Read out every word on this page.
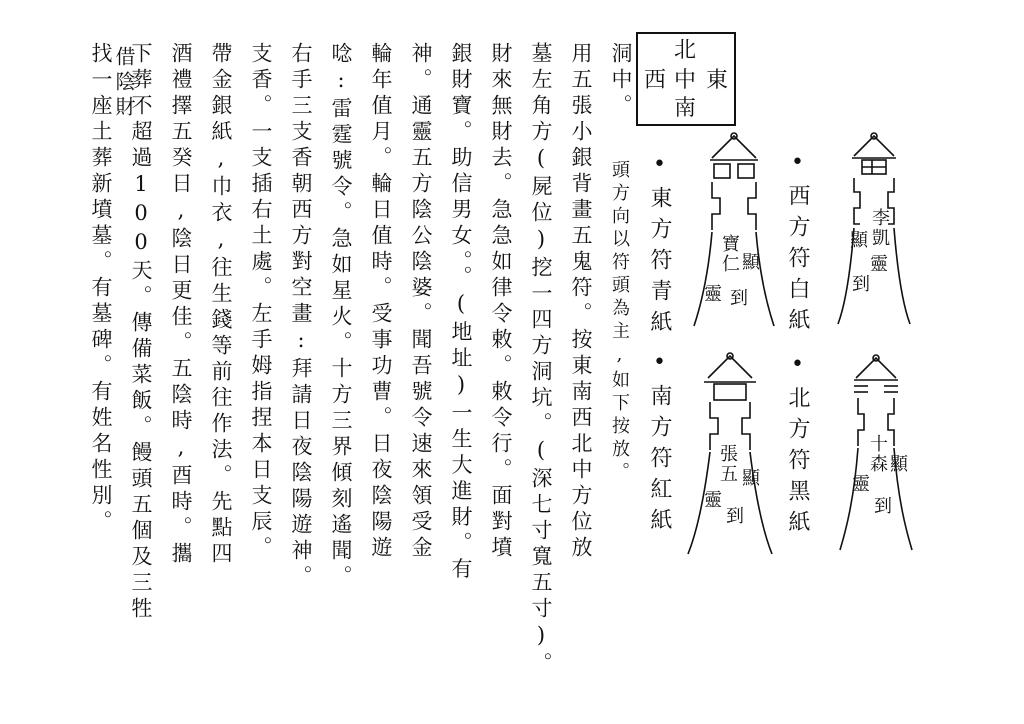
洞中。
頭方向以符頭為主,如下按放。
用五張小銀背畫五鬼符。按東南西北中方位放
墓左角方(屍位)挖一四方洞坑。(深七寸寬五寸)。
財來無財去。急急如律令敕。敕令行。面對墳
銀財寶。助信男女。。(地址)一生大進財。有
神。通靈五方陰公陰婆。聞吾號令速來領受金
輪年值月。輪日值時。受事功曹。日夜陰陽遊
唸:雷霆號令。急如星火。十方三界傾刻遙聞。
右手三支香朝西方對空畫:拜請日夜陰陽遊神。
支香。一支插右土處。左手姆指捏本日支辰。
帶金銀紙,巾衣,往生錢等前往作法。先點四
酒禮擇五癸日,陰日更佳。五陰時,酉時。攜
下葬不超過100天。傳備菜飯。饅頭五個及三牲
找一座土葬新墳墓。有墓碑。有姓名性別。 借陰財	北
東
中
西
南
•東方符青紙
•南方符紅紙
•西方符白紙
•北方符黑紙
李凱
顯
靈
到
寶仁 顯
靈 到
張五 顯
靈
到
十森 顯
靈
到
